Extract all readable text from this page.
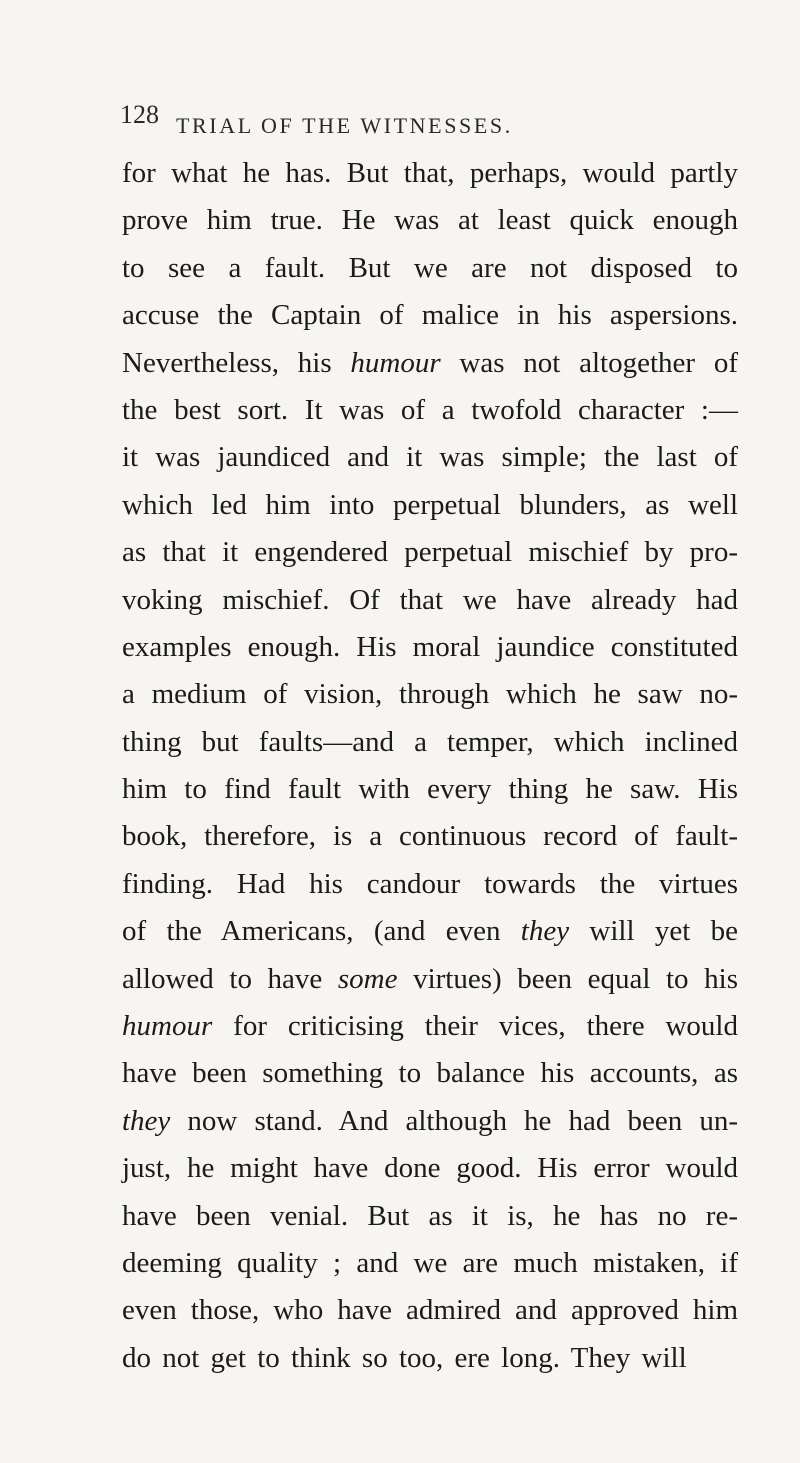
128 TRIAL OF THE WITNESSES.
for what he has. But that, perhaps, would partly
prove him true. He was at least quick enough
to see a fault. But we are not disposed to
accuse the Captain of malice in his aspersions.
Nevertheless, his humour was not altogether of
the best sort. It was of a twofold character :—
it was jaundiced and it was simple; the last of
which led him into perpetual blunders, as well
as that it engendered perpetual mischief by pro-
voking mischief. Of that we have already had
examples enough. His moral jaundice constituted
a medium of vision, through which he saw no-
thing but faults—and a temper, which inclined
him to find fault with every thing he saw. His
book, therefore, is a continuous record of fault-
finding. Had his candour towards the virtues
of the Americans, (and even they will yet be
allowed to have some virtues) been equal to his
humour for criticising their vices, there would
have been something to balance his accounts, as
they now stand. And although he had been un-
just, he might have done good. His error would
have been venial. But as it is, he has no re-
deeming quality ; and we are much mistaken, if
even those, who have admired and approved him
do not get to think so too, ere long. They will
